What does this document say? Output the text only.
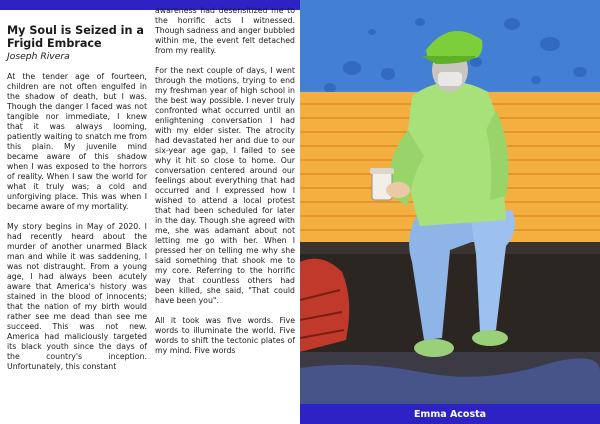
My Soul is Seized in a Frigid Embrace
Joseph Rivera

At the tender age of fourteen, children are not often engulfed in the shadow of death, but I was. Though the danger I faced was not tangible nor immediate, I knew that it was always looming, patiently waiting to snatch me from this plain. My juvenile mind became aware of this shadow when I was exposed to the horrors of reality. When I saw the world for what it truly was; a cold and unforgiving place. This was when I became aware of my mortality.

My story begins in May of 2020. I had recently heard about the murder of another unarmed Black man and while it was saddening, I was not distraught. From a young age, I had always been acutely aware that America's history was stained in the blood of innocents; that the nation of my birth would rather see me dead than see me succeed. This was not new. America had maliciously targeted its black youth since the days of the country's inception. Unfortunately, this constant

awareness had desensitized me to the horrific acts I witnessed. Though sadness and anger bubbled within me, the event felt detached from my reality.

For the next couple of days, I went through the motions, trying to end my freshman year of high school in the best way possible. I never truly confronted what occurred until an enlightening conversation I had with my elder sister. The atrocity had devastated her and due to our six-year age gap, I failed to see why it hit so close to home. Our conversation centered around our feelings about everything that had occurred and I expressed how I wished to attend a local protest that had been scheduled for later in the day. Though she agreed with me, she was adamant about not letting me go with her. When I pressed her on telling me why she said something that shook me to my core. Referring to the horrific way that countless others had been killed, she said, "That could have been you".

All it took was five words. Five words to illuminate the world. Five words to shift the tectonic plates of my mind. Five words

Emma Acosta
